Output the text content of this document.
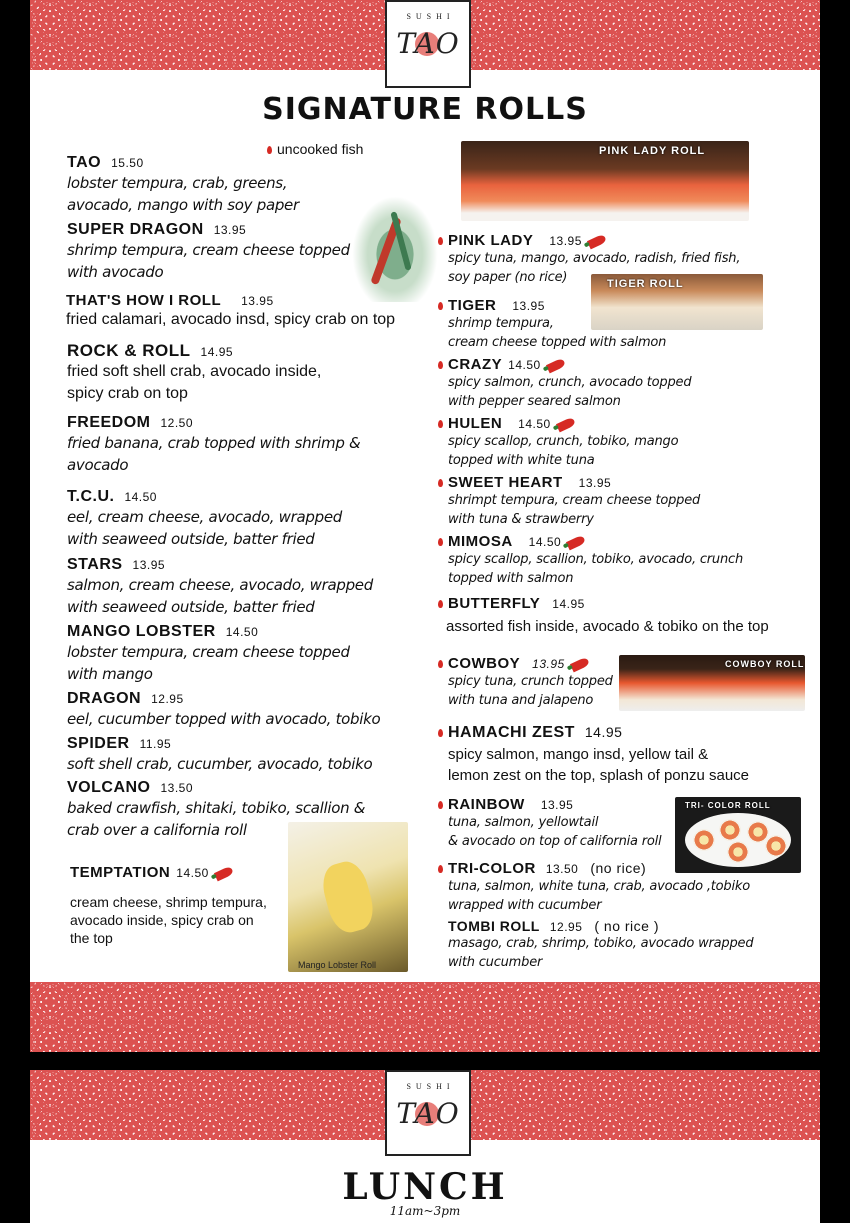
SUSHI
TAO
SIGNATURE ROLLS
uncooked fish
TAO 15.50
lobster tempura, crab, greens,
avocado, mango with soy paper
SUPER DRAGON 13.95
shrimp tempura, cream cheese topped
with avocado
THAT'S HOW I ROLL 13.95
fried calamari, avocado insd, spicy crab on top
ROCK & ROLL 14.95
fried soft shell crab, avocado inside,
spicy crab on top
FREEDOM 12.50
fried banana, crab topped with shrimp &
avocado
T.C.U. 14.50
eel, cream cheese, avocado, wrapped
with seaweed outside, batter fried
STARS 13.95
salmon, cream cheese, avocado, wrapped
with seaweed outside, batter fried
MANGO LOBSTER 14.50
lobster tempura, cream cheese topped
with mango
DRAGON 12.95
eel, cucumber topped with avocado, tobiko
SPIDER 11.95
soft shell crab, cucumber, avocado, tobiko
VOLCANO 13.50
baked crawfish, shitaki, tobiko, scallion &
crab over a california roll
TEMPTATION 14.50
cream cheese, shrimp tempura,
avocado inside, spicy crab on
the top
Mango Lobster Roll
PINK LADY ROLL
PINK LADY 13.95
spicy tuna, mango, avocado, radish, fried fish,
soy paper (no rice)	TIGER ROLL
TIGER 13.95
shrimp tempura,
cream cheese topped with salmon
CRAZY 14.50
spicy salmon, crunch, avocado topped
with pepper seared salmon
HULEN 14.50
spicy scallop, crunch, tobiko, mango
topped with white tuna
SWEET HEART 13.95
shrimpt tempura, cream cheese topped
with tuna & strawberry
MIMOSA 14.50
spicy scallop, scallion, tobiko, avocado, crunch
topped with salmon
BUTTERFLY 14.95
assorted fish inside, avocado & tobiko on the top
COWBOY ROLL
COWBOY 13.95
spicy tuna, crunch topped
with tuna and jalapeno
HAMACHI ZEST 14.95
spicy salmon, mango insd, yellow tail &
lemon zest on the top, splash of ponzu sauce
TRI- COLOR ROLL
RAINBOW 13.95
tuna, salmon, yellowtail
& avocado on top of california roll
TRI-COLOR 13.50 (no rice)
tuna, salmon, white tuna, crab, avocado ,tobiko
wrapped with cucumber
TOMBI ROLL 12.95 ( no rice )
masago, crab, shrimp, tobiko, avocado wrapped
with cucumber
SUSHI
TAO
LUNCH
11am~3pm
